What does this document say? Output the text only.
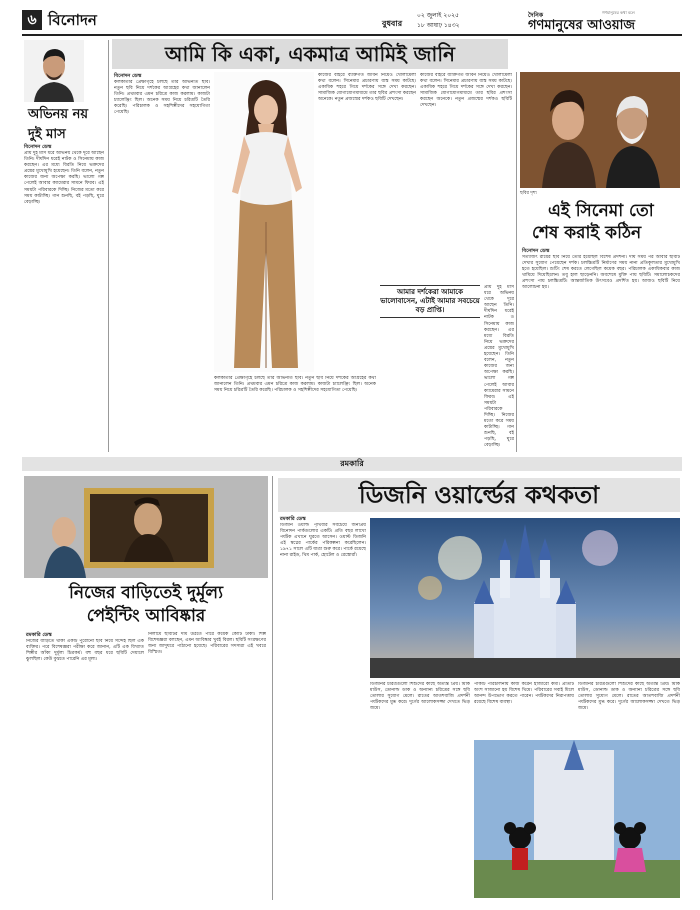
৬ বিনোদন	০২ জুলাই ২০২৫
বুধবার ১৮ আষাঢ় ১৪৩২
দৈনিক
গণমানুষের আওয়াজ
গণমানুষের কথা বলে
আমি কি একা, একমাত্র আমিই জানি
অভিনয় নয়
দুই মাস
বিনোদন ডেস্ক
প্রায় দুই মাস ধরে অভিনয় থেকে দূরে আছেন তিনি। দীর্ঘদিন ধরেই নাটক ও সিনেমায় কাজ করছেন। এর মধ্যে বিরতি নিয়ে ভক্তদের প্রশ্নের মুখোমুখি হয়েছেন। তিনি বলেন, নতুন কাজের জন্য অপেক্ষা করছি। ভালো গল্প পেলেই আবার ক্যামেরার সামনে ফিরব। এই সময়টা পরিবারকে দিচ্ছি। নিজের মতো করে সময় কাটাচ্ছি। গান শুনছি, বই পড়ছি, ঘুরে বেড়াচ্ছি।
বিনোদন ডেস্ক
কলকাতার প্রেক্ষাগৃহে চলছে তার অভিনীত ছবি। নতুন ছবি নিয়ে দর্শকের আগ্রহের কথা জানালেন তিনি। প্রথমবার এমন চরিত্রে কাজ করলাম। কাজটা চ্যালেঞ্জিং ছিল। অনেক সময় নিয়ে চরিত্রটি তৈরি করেছি। পরিচালক ও সহশিল্পীদের সহযোগিতা পেয়েছি।
কাজের বাইরে ব্যক্তিগত জীবন নিয়েও খোলামেলা কথা বলেন। সিনেমার প্রচারণায় ব্যস্ত সময় কাটছে। একাধিক শহরে গিয়ে দর্শকের সঙ্গে দেখা করছেন। সামাজিক যোগাযোগমাধ্যমে তার ছবির প্রশংসা করছেন অনেকে। নতুন প্রজন্মের দর্শকও ছবিটি দেখছেন।
আমার দর্শকেরা আমাকে ভালোবাসেন, এটাই আমার সবচেয়ে বড় প্রাপ্তি।
কাজের বাইরে ব্যক্তিগত জীবন নিয়েও খোলামেলা কথা বলেন। সিনেমার প্রচারণায় ব্যস্ত সময় কাটছে। একাধিক শহরে গিয়ে দর্শকের সঙ্গে দেখা করছেন। সামাজিক যোগাযোগমাধ্যমে তার ছবির প্রশংসা করছেন অনেকে। নতুন প্রজন্মের দর্শকও ছবিটি দেখছেন।
কলকাতার প্রেক্ষাগৃহে চলছে তার অভিনীত ছবি। নতুন ছবি নিয়ে দর্শকের আগ্রহের কথা জানালেন তিনি। প্রথমবার এমন চরিত্রে কাজ করলাম। কাজটা চ্যালেঞ্জিং ছিল। অনেক সময় নিয়ে চরিত্রটি তৈরি করেছি। পরিচালক ও সহশিল্পীদের সহযোগিতা পেয়েছি।
প্রায় দুই মাস ধরে অভিনয় থেকে দূরে আছেন তিনি। দীর্ঘদিন ধরেই নাটক ও সিনেমায় কাজ করছেন। এর মধ্যে বিরতি নিয়ে ভক্তদের প্রশ্নের মুখোমুখি হয়েছেন। তিনি বলেন, নতুন কাজের জন্য অপেক্ষা করছি। ভালো গল্প পেলেই আবার ক্যামেরার সামনে ফিরব। এই সময়টা পরিবারকে দিচ্ছি। নিজের মতো করে সময় কাটাচ্ছি। গান শুনছি, বই পড়ছি, ঘুরে বেড়াচ্ছি।
ছবির দৃশ্য
এই সিনেমা তো
শেষ করাই কঠিন
বিনোদন ডেস্ক
সত্যজিৎ রায়ের ছবি নিয়ে তৈরি হয়েছিল বিশেষ প্রদর্শনী। দীর্ঘ সময় পর আবার ছবিটি দেখার সুযোগ পেয়েছেন দর্শক। চলচ্চিত্রটি নির্মাণের সময় নানা প্রতিকূলতার মুখোমুখি হতে হয়েছিল। শুটিং শেষ করতে লেগেছিল কয়েক বছর। পরিচালক একাধিকবার কাজ থামিয়ে দিয়েছিলেন। তবু হাল ছাড়েননি। অবশেষে মুক্তি পায় ছবিটি। সমালোচকদের প্রশংসা পায় চলচ্চিত্রটি। আন্তর্জাতিক উৎসবেও প্রদর্শিত হয়। আজও ছবিটি নিয়ে আলোচনা হয়।
রমকারি
নিজের বাড়িতেই দুর্মূল্য
পেইন্টিং আবিষ্কার
রমকারি ডেস্ক
নিজের বাড়িতে থাকা একটি পুরোনো ছবি নিয়ে সন্দেহ ছিল এক ব্যক্তির। পরে বিশেষজ্ঞরা পরীক্ষা করে জানান, এটি এক বিখ্যাত শিল্পীর আঁকা দুর্মূল্য চিত্রকর্ম। বহু বছর ধরে ছবিটি দেয়ালে ঝুলছিল। কেউ বুঝতে পারেনি এর মূল্য।
নিলামে ছবিটির দাম উঠতে পারে কয়েক কোটি টাকা। শিল্প বিশেষজ্ঞরা বলছেন, এমন আবিষ্কার খুবই বিরল। ছবিটি সংরক্ষণের জন্য জাদুঘরে পাঠানো হয়েছে। পরিবারের সদস্যরা এই খবরে বিস্মিত।
ডিজনি ওয়ার্ল্ডের কথকতা
রমকারি ডেস্ক
ডিজনি ওয়ার্ল্ড পৃথিবীর সবচেয়ে জনপ্রিয় বিনোদন পার্কগুলোর একটি। প্রতি বছর লাখো পর্যটক এখানে ঘুরতে আসেন। ওয়াল্ট ডিজনি এই স্বপ্নের পার্কের পরিকল্পনা করেছিলেন। ১৯৭১ সালে এটি যাত্রা শুরু করে। পার্কে রয়েছে নানা রাইড, থিম পার্ক, হোটেল ও রেস্তোরাঁ।
ডিজনির চরিত্রগুলো শিশুদের কাছে অত্যন্ত প্রিয়। মিকি মাউস, ডোনাল্ড ডাক ও অন্যান্য চরিত্রের সঙ্গে ছবি তোলার সুযোগ মেলে। রাতের আতশবাজি প্রদর্শনী পর্যটকদের মুগ্ধ করে। দুর্গের আলোকসজ্জা দেখতে ভিড় জমে।
পার্কটি পরিচালনায় কাজ করেন হাজারো কর্মী। প্রতিটি অংশ সাজানো হয় বিশেষ থিমে। পরিবারের সবাই মিলে আনন্দ উপভোগ করতে পারেন। পর্যটকদের নিরাপত্তায় রয়েছে বিশেষ ব্যবস্থা।
ডিজনির চরিত্রগুলো শিশুদের কাছে অত্যন্ত প্রিয়। মিকি মাউস, ডোনাল্ড ডাক ও অন্যান্য চরিত্রের সঙ্গে ছবি তোলার সুযোগ মেলে। রাতের আতশবাজি প্রদর্শনী পর্যটকদের মুগ্ধ করে। দুর্গের আলোকসজ্জা দেখতে ভিড় জমে।
